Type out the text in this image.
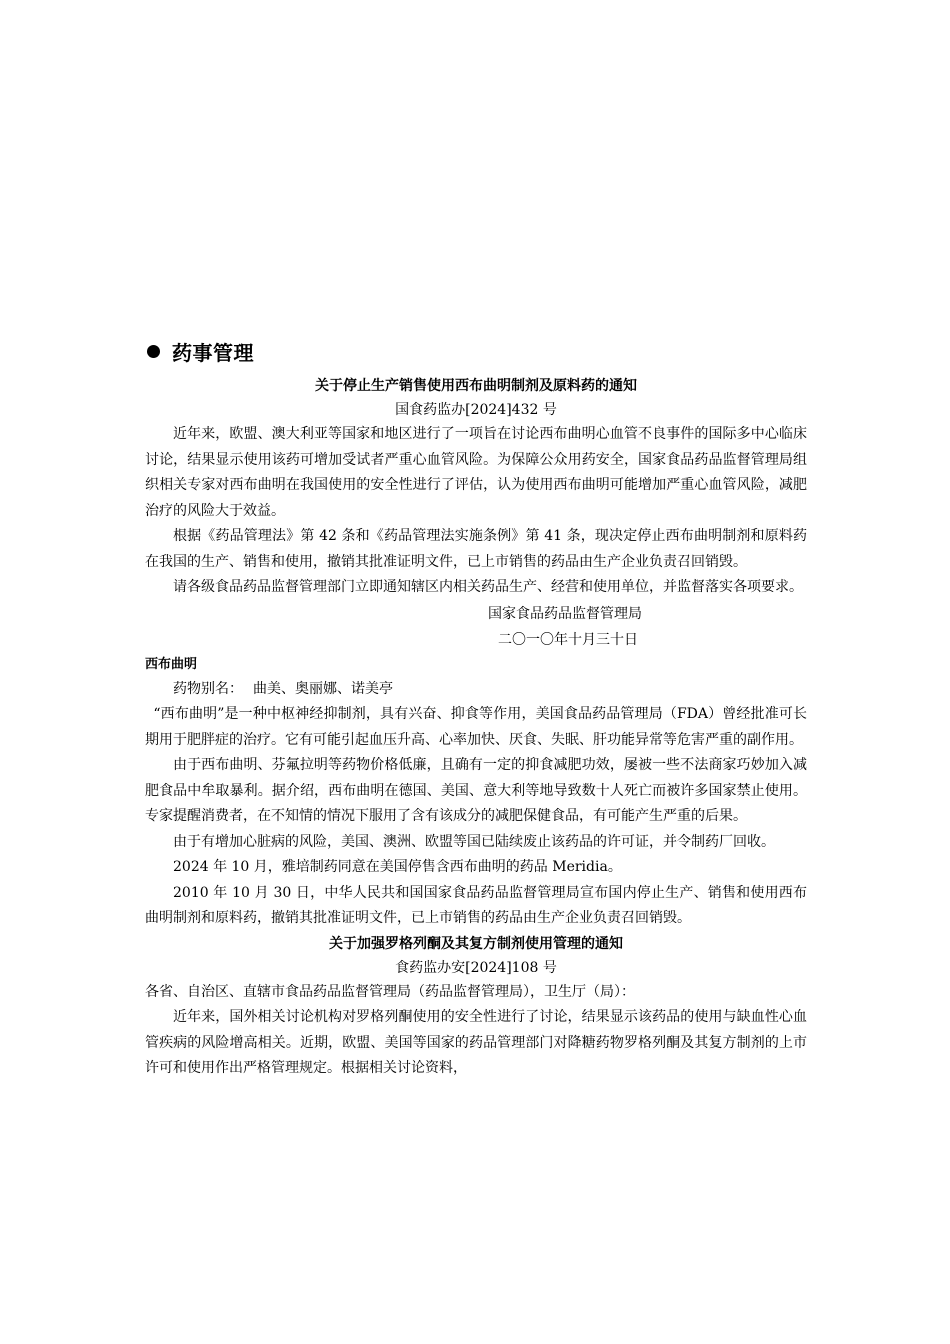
药事管理
关于停止生产销售使用西布曲明制剂及原料药的通知
国食药监办[2024]432 号

近年来，欧盟、澳大利亚等国家和地区进行了一项旨在讨论西布曲明心血管不良事件的国际多中心临床讨论，结果显示使用该药可增加受试者严重心血管风险。为保障公众用药安全，国家食品药品监督管理局组织相关专家对西布曲明在我国使用的安全性进行了评估，认为使用西布曲明可能增加严重心血管风险，减肥治疗的风险大于效益。

根据《药品管理法》第 42 条和《药品管理法实施条例》第 41 条，现决定停止西布曲明制剂和原料药在我国的生产、销售和使用，撤销其批准证明文件，已上市销售的药品由生产企业负责召回销毁。

请各级食品药品监督管理部门立即通知辖区内相关药品生产、经营和使用单位，并监督落实各项要求。

国家食品药品监督管理局
二〇一〇年十月三十日
西布曲明
药物别名： 曲美、奥丽娜、诺美亭

“西布曲明”是一种中枢神经抑制剂，具有兴奋、抑食等作用，美国食品药品管理局（FDA）曾经批准可长期用于肥胖症的治疗。它有可能引起血压升高、心率加快、厌食、失眠、肝功能异常等危害严重的副作用。

由于西布曲明、芬氟拉明等药物价格低廉，且确有一定的抑食减肥功效，屡被一些不法商家巧妙加入减肥食品中牟取暴利。据介绍，西布曲明在德国、美国、意大利等地导致数十人死亡而被许多国家禁止使用。专家提醒消费者，在不知情的情况下服用了含有该成分的减肥保健食品，有可能产生严重的后果。

由于有增加心脏病的风险，美国、澳洲、欧盟等国已陆续废止该药品的许可证，并令制药厂回收。

2024 年 10 月，雅培制药同意在美国停售含西布曲明的药品 Meridia。

2010 年 10 月 30 日，中华人民共和国国家食品药品监督管理局宣布国内停止生产、销售和使用西布曲明制剂和原料药，撤销其批准证明文件，已上市销售的药品由生产企业负责召回销毁。

关于加强罗格列酮及其复方制剂使用管理的通知
食药监办安[2024]108 号

各省、自治区、直辖市食品药品监督管理局（药品监督管理局），卫生厅（局）：

近年来，国外相关讨论机构对罗格列酮使用的安全性进行了讨论，结果显示该药品的使用与缺血性心血管疾病的风险增高相关。近期，欧盟、美国等国家的药品管理部门对降糖药物罗格列酮及其复方制剂的上市许可和使用作出严格管理规定。根据相关讨论资料，
